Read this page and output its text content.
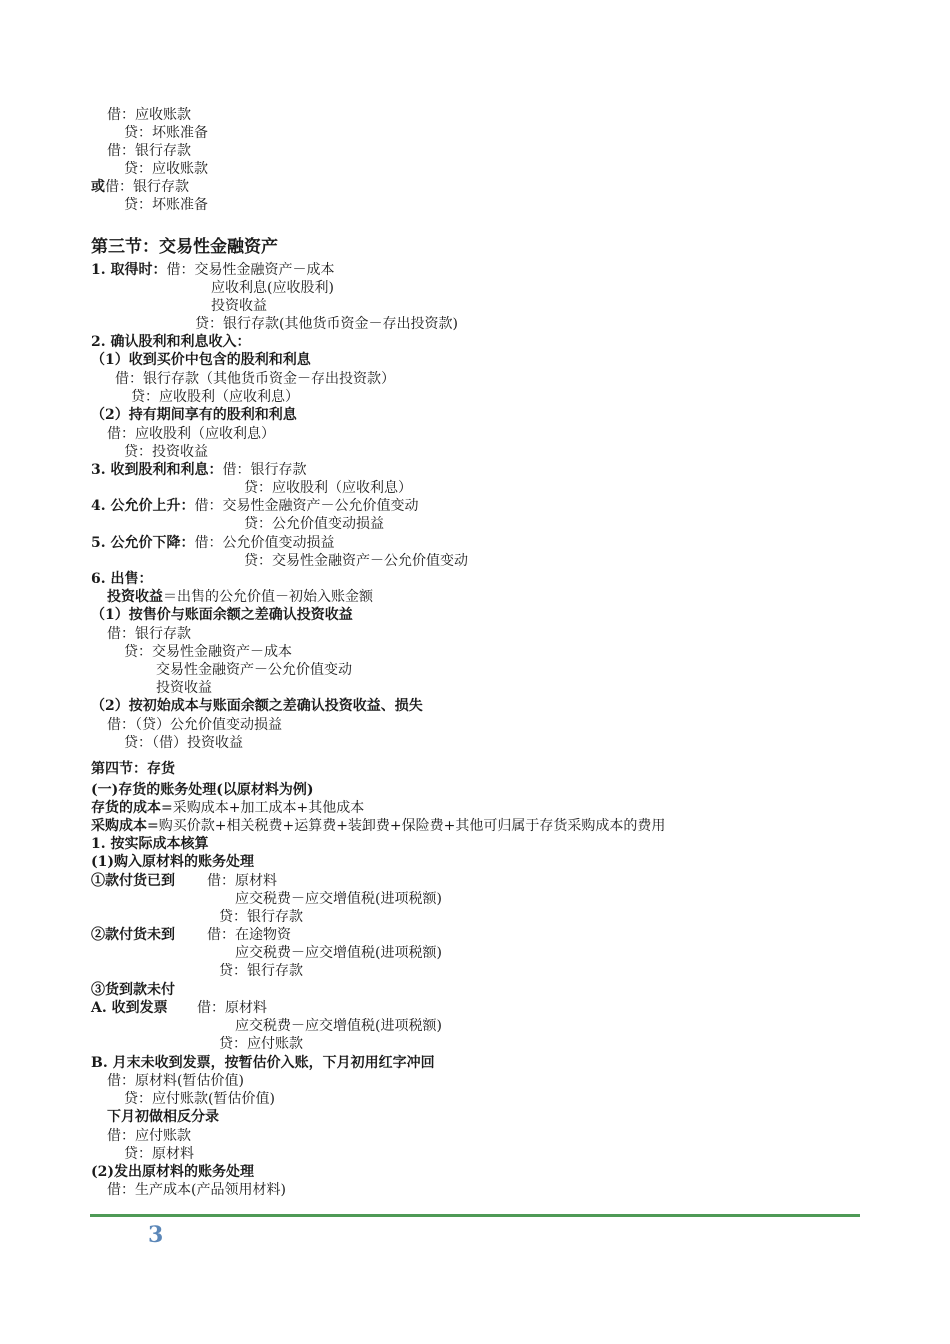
借：应收账款
贷：坏账准备
借：银行存款
贷：应收账款
或借：银行存款
贷：坏账准备
第三节：交易性金融资产
1. 取得时：借：交易性金融资产－成本
应收利息(应收股利)
投资收益
贷：银行存款(其他货币资金－存出投资款)
2. 确认股利和利息收入：
（1）收到买价中包含的股利和利息
借：银行存款（其他货币资金－存出投资款）
贷：应收股利（应收利息）
（2）持有期间享有的股利和利息
借：应收股利（应收利息）
贷：投资收益
3. 收到股利和利息：借：银行存款
贷：应收股利（应收利息）
4. 公允价上升：借：交易性金融资产－公允价值变动
贷：公允价值变动损益
5. 公允价下降：借：公允价值变动损益
贷：交易性金融资产－公允价值变动
6. 出售：
投资收益＝出售的公允价值－初始入账金额
（1）按售价与账面余额之差确认投资收益
借：银行存款
贷：交易性金融资产－成本
交易性金融资产－公允价值变动
投资收益
（2）按初始成本与账面余额之差确认投资收益、损失
借：（贷）公允价值变动损益
贷：（借）投资收益
第四节：存货
(一)存货的账务处理(以原材料为例)
存货的成本=采购成本+加工成本+其他成本
采购成本=购买价款+相关税费+运算费+装卸费+保险费+其他可归属于存货采购成本的费用
1. 按实际成本核算
(1)购入原材料的账务处理
①款付货已到 借：原材料
应交税费－应交增值税(进项税额)
贷：银行存款
②款付货未到 借：在途物资
应交税费－应交增值税(进项税额)
贷：银行存款
③货到款未付
A. 收到发票 借：原材料
应交税费－应交增值税(进项税额)
贷：应付账款
B. 月末未收到发票，按暂估价入账，下月初用红字冲回
借：原材料(暂估价值)
贷：应付账款(暂估价值)
下月初做相反分录
借：应付账款
贷：原材料
(2)发出原材料的账务处理
借：生产成本(产品领用材料)
3
